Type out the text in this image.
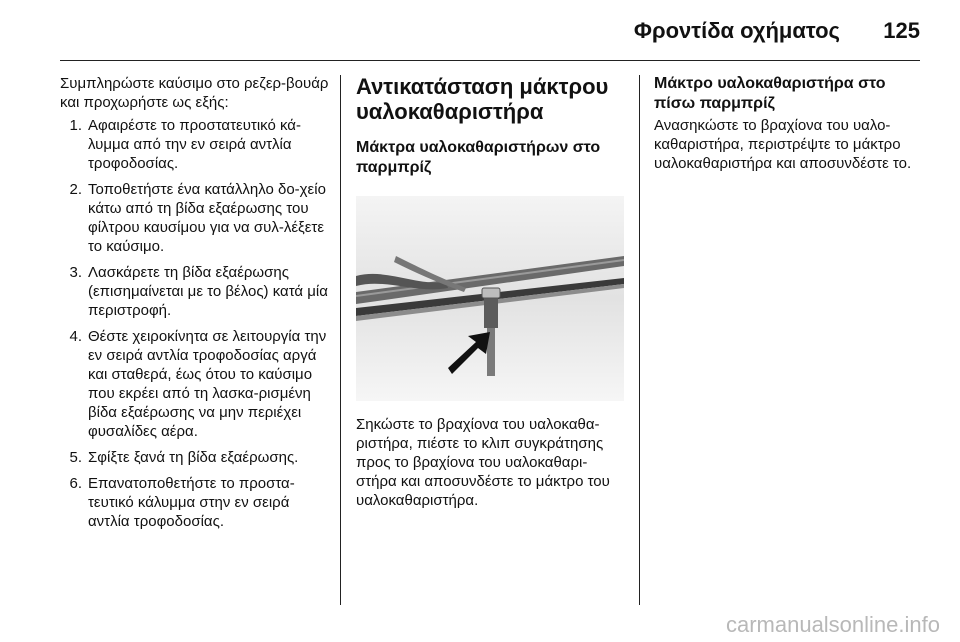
Φροντίδα οχήματος	125

Συμπληρώστε καύσιμο στο ρεζερ-βουάρ και προχωρήστε ως εξής:

1. Αφαιρέστε το προστατευτικό κά-λυμμα από την εν σειρά αντλία τροφοδοσίας.
2. Τοποθετήστε ένα κατάλληλο δο-χείο κάτω από τη βίδα εξαέρωσης του φίλτρου καυσίμου για να συλ-λέξετε το καύσιμο.
3. Λασκάρετε τη βίδα εξαέρωσης (επισημαίνεται με το βέλος) κατά μία περιστροφή.
4. Θέστε χειροκίνητα σε λειτουργία την εν σειρά αντλία τροφοδοσίας αργά και σταθερά, έως ότου το καύσιμο που εκρέει από τη λασκα-ρισμένη βίδα εξαέρωσης να μην περιέχει φυσαλίδες αέρα.
5. Σφίξτε ξανά τη βίδα εξαέρωσης.
6. Επανατοποθετήστε το προστα-τευτικό κάλυμμα στην εν σειρά αντλία τροφοδοσίας.
Αντικατάσταση μάκτρου υαλοκαθαριστήρα
Μάκτρα υαλοκαθαριστήρων στο παρμπρίζ

Σηκώστε το βραχίονα του υαλοκαθα-ριστήρα, πιέστε το κλιπ συγκράτησης προς το βραχίονα του υαλοκαθαρι-στήρα και αποσυνδέστε το μάκτρο του υαλοκαθαριστήρα.

Μάκτρο υαλοκαθαριστήρα στο πίσω παρμπρίζ

Ανασηκώστε το βραχίονα του υαλο-καθαριστήρα, περιστρέψτε το μάκτρο υαλοκαθαριστήρα και αποσυνδέστε το.

carmanualsonline.info
